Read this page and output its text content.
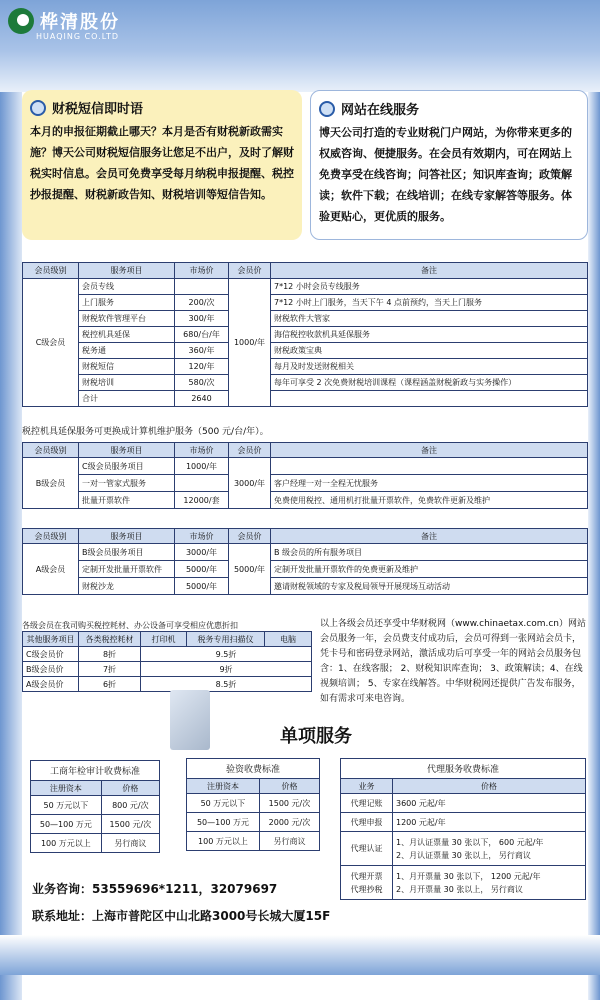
桦清股份
HUAQING CO.LTD
财税短信即时语
本月的申报征期截止哪天？本月是否有财税新政需实施？博天公司财税短信服务让您足不出户，及时了解财税实时信息。会员可免费享受每月纳税申报提醒、税控抄报提醒、财税新政告知、财税培训等短信告知。
网站在线服务
博天公司打造的专业财税门户网站，为你带来更多的权威咨询、便捷服务。在会员有效期内，可在网站上免费享受在线咨询；问答社区；知识库查询；政策解读；软件下载；在线培训；在线专家解答等服务。体验更贴心，更优质的服务。
会员级别	服务项目	市场价	会员价	备注
C级会员	会员专线		1000/年	7*12 小时会员专线服务
	上门服务	200/次		7*12 小时上门服务，当天下午 4 点前预约，当天上门服务
	财税软件管理平台	300/年		财税软件大管家
	税控机具延保	680/台/年		海信税控收款机具延保服务
	税务通	360/年		财税政策宝典
	财税短信	120/年		每月及时发送财税相关
	财税培训	580/次		每年可享受 2 次免费财税培训课程（课程涵盖财税新政与实务操作）
	合计	2640		
税控机具延保服务可更换成计算机维护服务（500 元/台/年）。
会员级别	服务项目	市场价	会员价	备注
B级会员	C级会员服务项目	1000/年	3000/年	
	一对一管家式服务			客户经理一对一全程无忧服务
	批量开票软件	12000/套		免费使用税控、通用机打批量开票软件，免费软件更新及维护
会员级别	服务项目	市场价	会员价	备注
A级会员	B级会员服务项目	3000/年	5000/年	B 级会员的所有服务项目
	定制开发批量开票软件	5000/年		定制开发批量开票软件的免费更新及维护
	财税沙龙	5000/年		邀请财税领域的专家及税局领导开展现场互动活动
各级会员在我司购买税控耗材、办公设备可享受相应优惠折扣
其他服务项目	各类税控耗材	打印机	税务专用扫描仪	电脑
C级会员价	8折	9.5折		
B级会员价	7折	9折		
A级会员价	6折	8.5折		
以上各级会员还享受中华财税网（www.chinaetax.com.cn）网站会员服务一年，会员费支付成功后，会员可得到一张网站会员卡，凭卡号和密码登录网站，激活成功后可享受一年的网站会员服务包含：1、在线客服； 2、财税知识库查询； 3、政策解读；4、在线视频培训； 5、专家在线解答。中华财税网还提供广告发布服务，如有需求可来电咨询。
单项服务
工商年检审计收费标准
注册资本	价格
50 万元以下	800 元/次
50—100 万元	1500 元/次
100 万元以上	另行商议
验资收费标准
注册资本	价格
50 万元以下	1500 元/次
50—100 万元	2000 元/次
100 万元以上	另行商议
代理服务收费标准
业务	价格
代理记账	3600 元起/年
代理申报	1200 元起/年
代理认证	1、月认证票量 30 张以下， 600 元起/年
2、月认证票量 30 张以上， 另行商议
代理开票
代理抄税	1、月开票量 30 张以下， 1200 元起/年
2、月开票量 30 张以上， 另行商议
业务咨询：53559696*1211，32079697
联系地址：上海市普陀区中山北路3000号长城大厦15F
